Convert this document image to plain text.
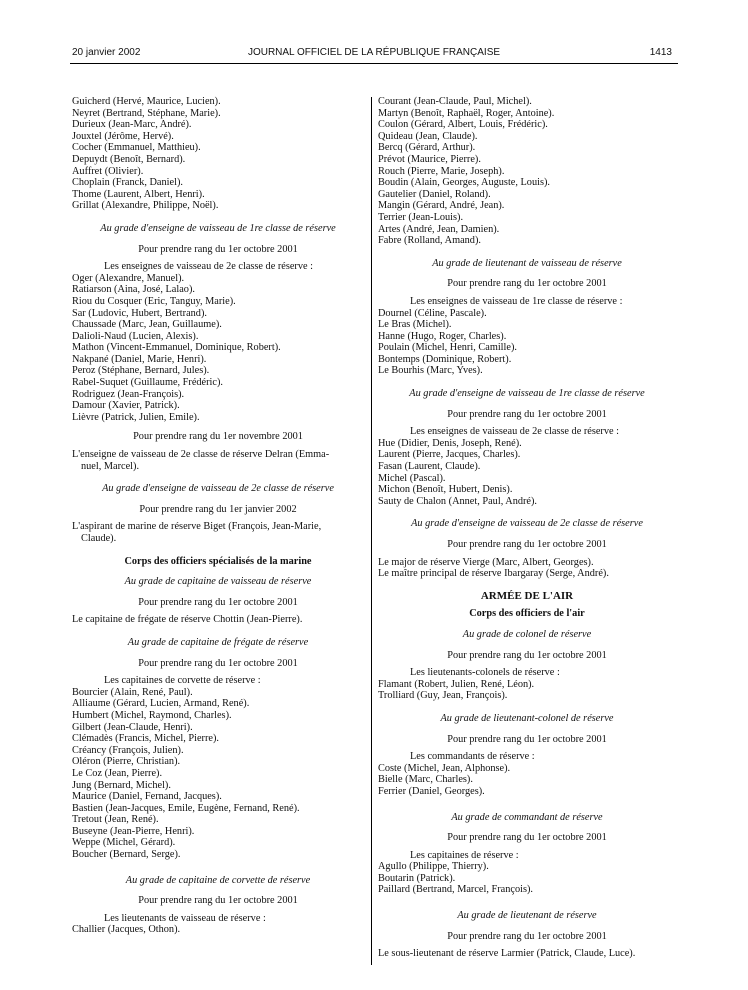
20 janvier 2002	JOURNAL OFFICIEL DE LA RÉPUBLIQUE FRANÇAISE	1413
Guicherd (Hervé, Maurice, Lucien).
Neyret (Bertrand, Stéphane, Marie).
Durieux (Jean-Marc, André).
Jouxtel (Jérôme, Hervé).
Cocher (Emmanuel, Matthieu).
Depuydt (Benoît, Bernard).
Auffret (Olivier).
Choplain (Franck, Daniel).
Thome (Laurent, Albert, Henri).
Grillat (Alexandre, Philippe, Noël).
Au grade d'enseigne de vaisseau de 1re classe de réserve
Pour prendre rang du 1er octobre 2001
Les enseignes de vaisseau de 2e classe de réserve :
Oger (Alexandre, Manuel).
Ratiarson (Aina, José, Lalao).
Riou du Cosquer (Eric, Tanguy, Marie).
Sar (Ludovic, Hubert, Bertrand).
Chaussade (Marc, Jean, Guillaume).
Dalioli-Naud (Lucien, Alexis).
Mathon (Vincent-Emmanuel, Dominique, Robert).
Nakpané (Daniel, Marie, Henri).
Peroz (Stéphane, Bernard, Jules).
Rabel-Suquet (Guillaume, Frédéric).
Rodriguez (Jean-François).
Damour (Xavier, Patrick).
Lièvre (Patrick, Julien, Emile).
Pour prendre rang du 1er novembre 2001
L'enseigne de vaisseau de 2e classe de réserve Delran (Emma-
nuel, Marcel).
Au grade d'enseigne de vaisseau de 2e classe de réserve
Pour prendre rang du 1er janvier 2002
L'aspirant de marine de réserve Biget (François, Jean-Marie,
Claude).
Corps des officiers spécialisés de la marine
Au grade de capitaine de vaisseau de réserve
Pour prendre rang du 1er octobre 2001
Le capitaine de frégate de réserve Chottin (Jean-Pierre).
Au grade de capitaine de frégate de réserve
Pour prendre rang du 1er octobre 2001
Les capitaines de corvette de réserve :
Bourcier (Alain, René, Paul).
Alliaume (Gérard, Lucien, Armand, René).
Humbert (Michel, Raymond, Charles).
Gilbert (Jean-Claude, Henri).
Clémadès (Francis, Michel, Pierre).
Créancy (François, Julien).
Oléron (Pierre, Christian).
Le Coz (Jean, Pierre).
Jung (Bernard, Michel).
Maurice (Daniel, Fernand, Jacques).
Bastien (Jean-Jacques, Emile, Eugène, Fernand, René).
Tretout (Jean, René).
Buseyne (Jean-Pierre, Henri).
Weppe (Michel, Gérard).
Boucher (Bernard, Serge).
Au grade de capitaine de corvette de réserve
Pour prendre rang du 1er octobre 2001
Les lieutenants de vaisseau de réserve :
Challier (Jacques, Othon).
Courant (Jean-Claude, Paul, Michel).
Martyn (Benoît, Raphaël, Roger, Antoine).
Coulon (Gérard, Albert, Louis, Frédéric).
Quideau (Jean, Claude).
Bercq (Gérard, Arthur).
Prévot (Maurice, Pierre).
Rouch (Pierre, Marie, Joseph).
Boudin (Alain, Georges, Auguste, Louis).
Gautelier (Daniel, Roland).
Mangin (Gérard, André, Jean).
Terrier (Jean-Louis).
Artes (André, Jean, Damien).
Fabre (Rolland, Amand).
Au grade de lieutenant de vaisseau de réserve
Pour prendre rang du 1er octobre 2001
Les enseignes de vaisseau de 1re classe de réserve :
Dournel (Céline, Pascale).
Le Bras (Michel).
Hanne (Hugo, Roger, Charles).
Poulain (Michel, Henri, Camille).
Bontemps (Dominique, Robert).
Le Bourhis (Marc, Yves).
Au grade d'enseigne de vaisseau de 1re classe de réserve
Pour prendre rang du 1er octobre 2001
Les enseignes de vaisseau de 2e classe de réserve :
Hue (Didier, Denis, Joseph, René).
Laurent (Pierre, Jacques, Charles).
Fasan (Laurent, Claude).
Michel (Pascal).
Michon (Benoît, Hubert, Denis).
Sauty de Chalon (Annet, Paul, André).
Au grade d'enseigne de vaisseau de 2e classe de réserve
Pour prendre rang du 1er octobre 2001
Le major de réserve Vierge (Marc, Albert, Georges).
Le maître principal de réserve Ibargaray (Serge, André).
ARMÉE DE L'AIR
Corps des officiers de l'air
Au grade de colonel de réserve
Pour prendre rang du 1er octobre 2001
Les lieutenants-colonels de réserve :
Flamant (Robert, Julien, René, Léon).
Trolliard (Guy, Jean, François).
Au grade de lieutenant-colonel de réserve
Pour prendre rang du 1er octobre 2001
Les commandants de réserve :
Coste (Michel, Jean, Alphonse).
Bielle (Marc, Charles).
Ferrier (Daniel, Georges).
Au grade de commandant de réserve
Pour prendre rang du 1er octobre 2001
Les capitaines de réserve :
Agullo (Philippe, Thierry).
Boutarin (Patrick).
Paillard (Bertrand, Marcel, François).
Au grade de lieutenant de réserve
Pour prendre rang du 1er octobre 2001
Le sous-lieutenant de réserve Larmier (Patrick, Claude, Luce).
